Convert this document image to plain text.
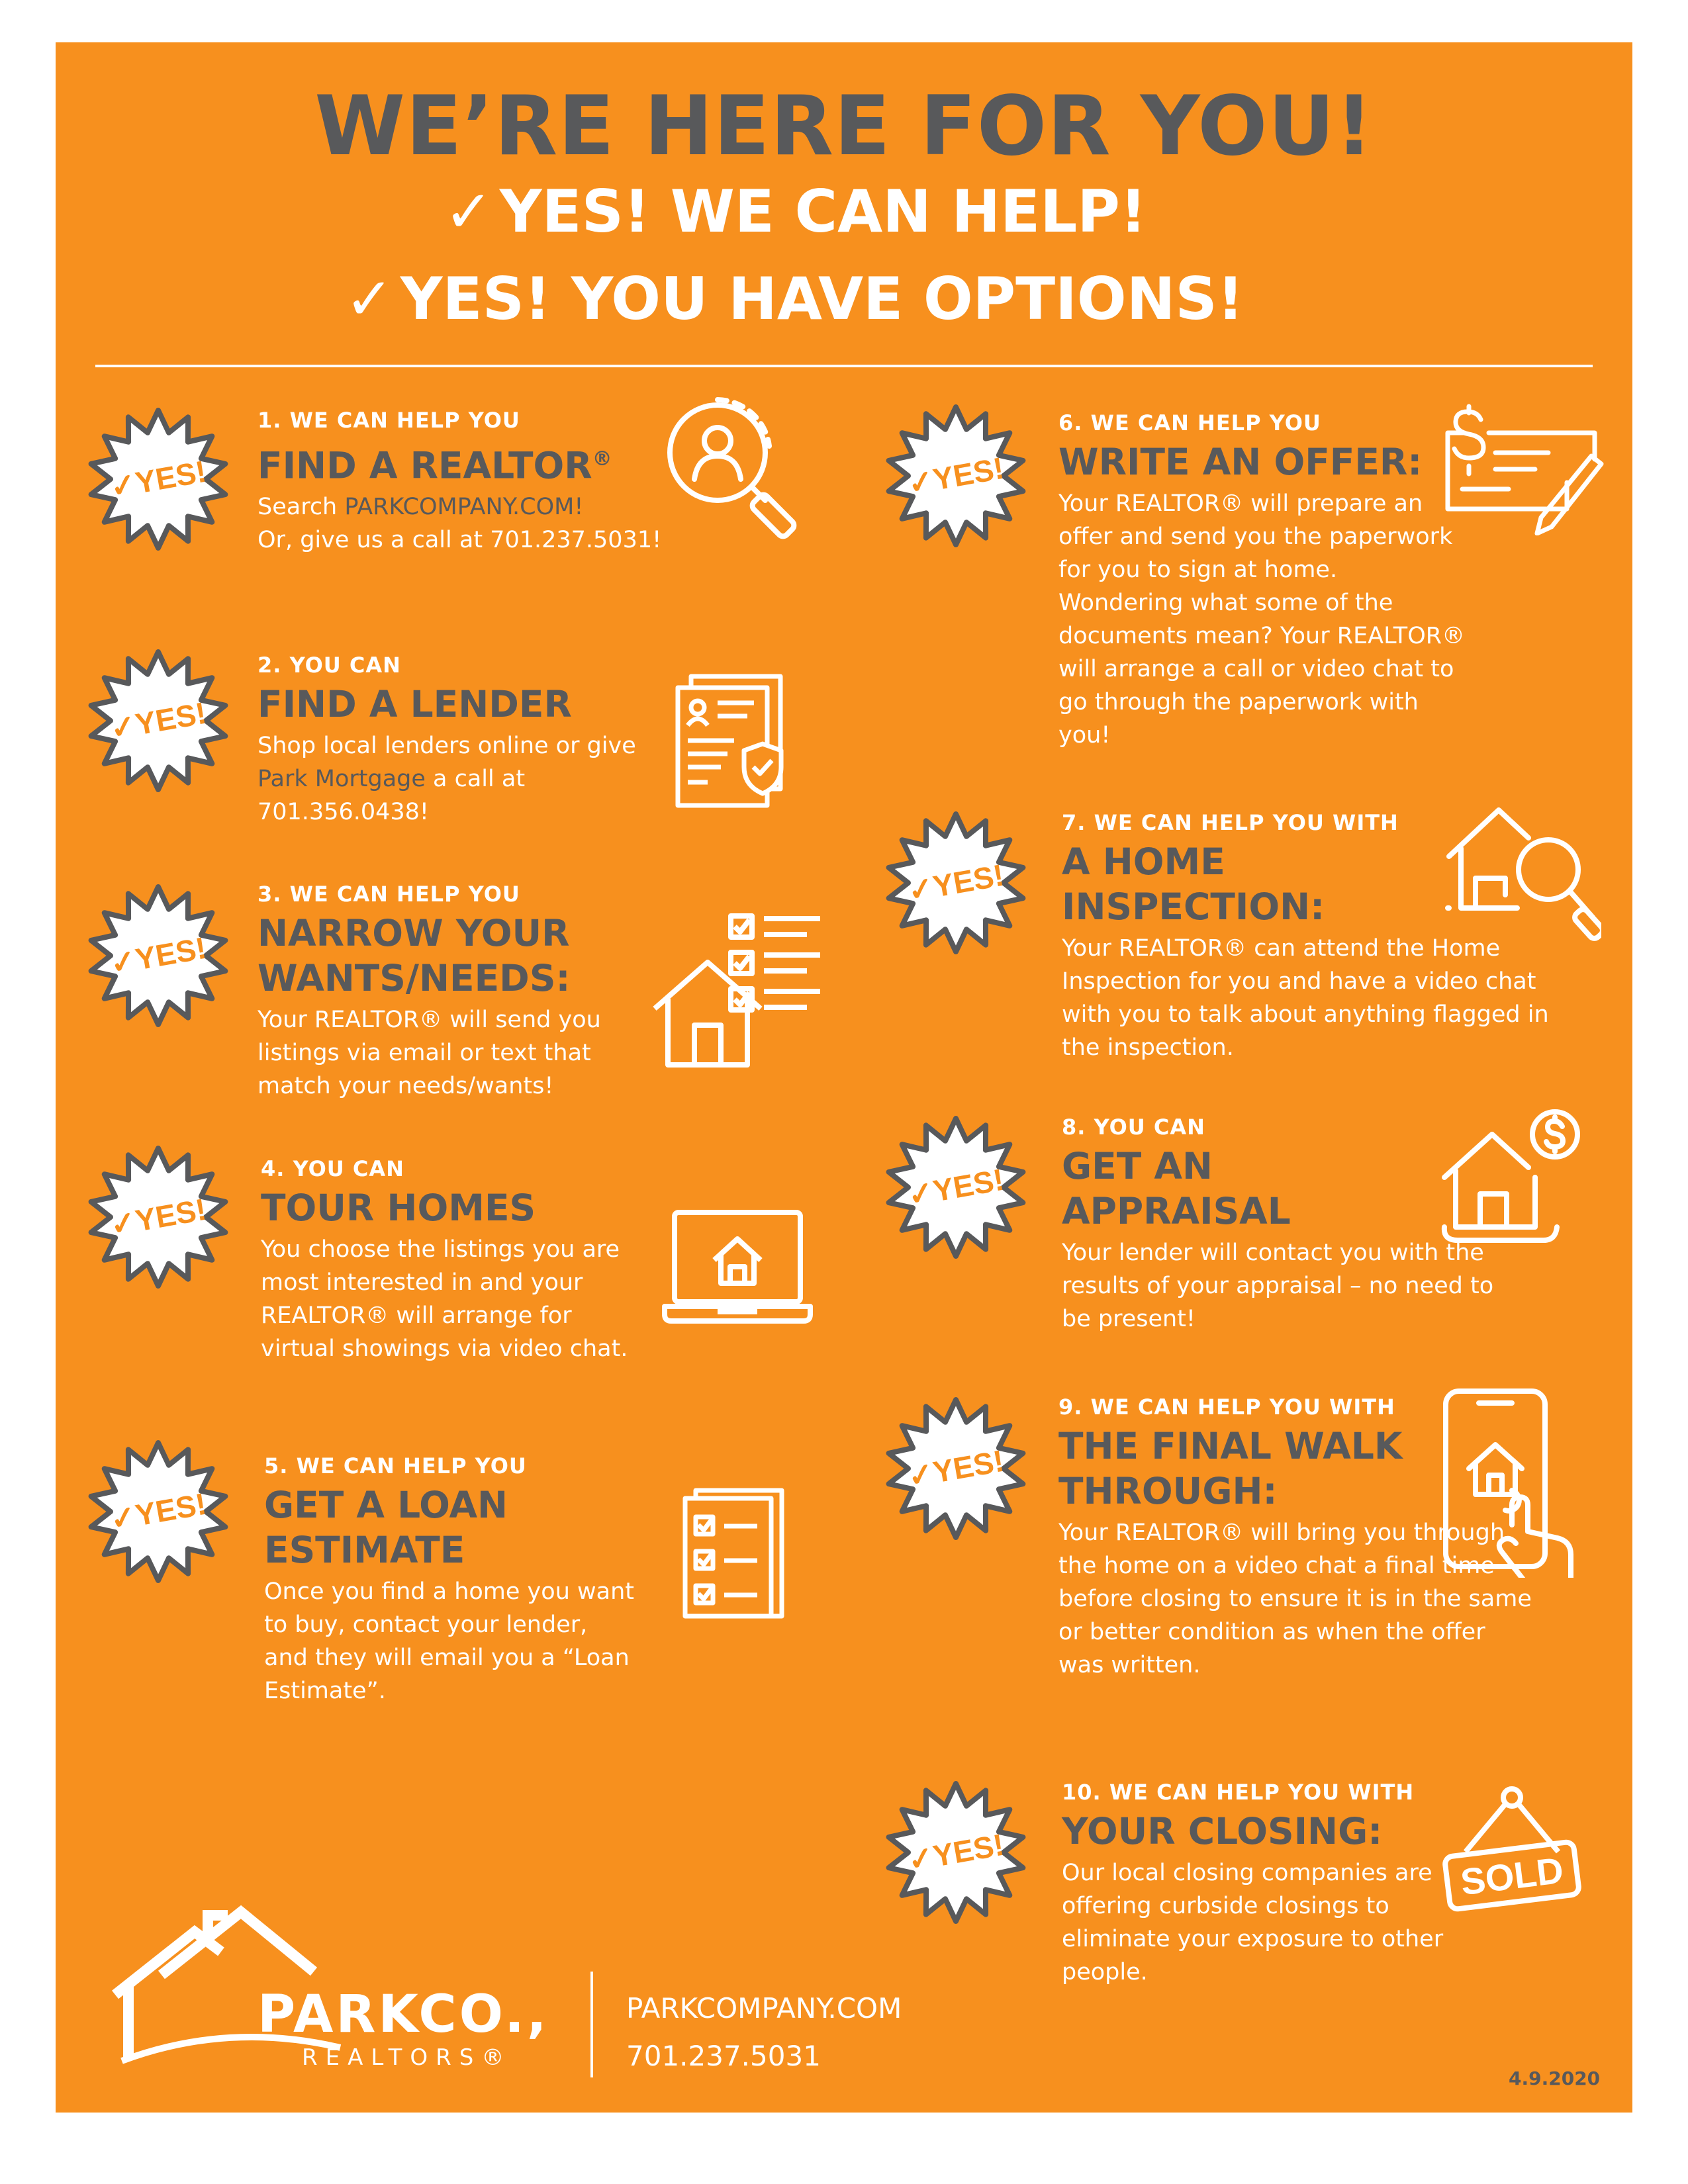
WE’RE HERE FOR YOU!
✓ YES! WE CAN HELP!
✓ YES! YOU HAVE OPTIONS!
✓YES!
1. WE CAN HELP YOU
FIND A REALTOR®
Search PARKCOMPANY.COM!
Or, give us a call at 701.237.5031!
✓YES!
2. YOU CAN
FIND A LENDER
Shop local lenders online or give Park Mortgage a call at 701.356.0438!
✓YES!
3. WE CAN HELP YOU
NARROW YOUR WANTS/NEEDS:
Your REALTOR® will send you listings via email or text that match your needs/wants!
✓YES!
4. YOU CAN
TOUR HOMES
You choose the listings you are most interested in and your REALTOR® will arrange for virtual showings via video chat.
✓YES!
5. WE CAN HELP YOU
GET A LOAN ESTIMATE
Once you find a home you want to buy, contact your lender, and they will email you a “Loan Estimate”.
✓YES!
6. WE CAN HELP YOU
WRITE AN OFFER:
Your REALTOR® will prepare an offer and send you the paperwork for you to sign at home. Wondering what some of the documents mean? Your REALTOR® will arrange a call or video chat to go through the paperwork with you!
✓YES!
7. WE CAN HELP YOU WITH
A HOME INSPECTION:
Your REALTOR® can attend the Home Inspection for you and have a video chat with you to talk about anything flagged in the inspection.
✓YES!
8. YOU CAN
GET AN APPRAISAL
Your lender will contact you with the results of your appraisal – no need to be present!
✓YES!
9. WE CAN HELP YOU WITH
THE FINAL WALK THROUGH:
Your REALTOR® will bring you through the home on a video chat a final time before closing to ensure it is in the same or better condition as when the offer was written.
✓YES!
10. WE CAN HELP YOU WITH
YOUR CLOSING:
Our local closing companies are offering curbside closings to eliminate your exposure to other people.
SOLD
PARKCO.,
REALTORS®
PARKCOMPANY.COM
701.237.5031
4.9.2020
